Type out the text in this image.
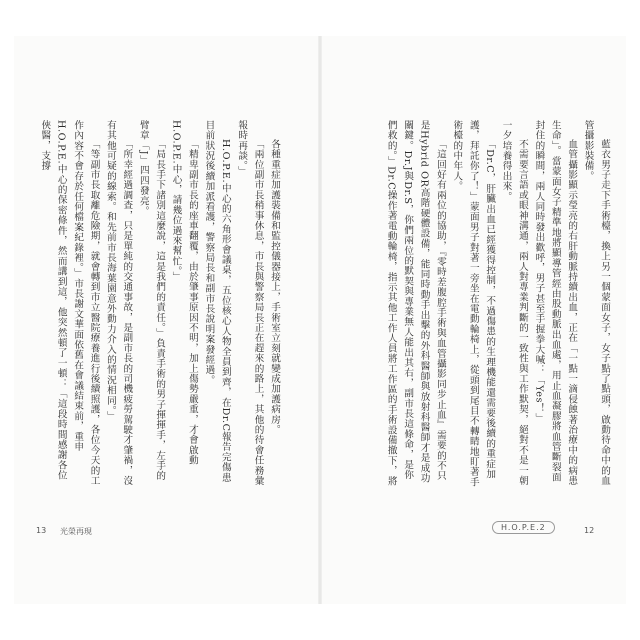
各種重症加護裝備和監控儀器接上，手術室立刻就變成加護病房。

「兩位副市長稍事休息，市長與警察局長正在趕來的路上，其他的待會任務彙報時再談。」

H.O.P.E.中心的六角形會議桌，五位核心人物全員到齊，在Dr.C報告完傷患目前狀況後續加派看護，警察局長和副市長說明案發經過。

「精卑副市長的座車翻覆，由於肇事原因不明，加上傷勢嚴重，才會啟動H.O.P.E.中心，請幾位過來幫忙。」

「局長手下諸別這麼說，這是我們的責任。」負責手術的男子揮揮手，左手的臂章「J」四四發亮。

「所幸經過調查，只是單純的交通事故，是副市長的司機疲勞駕駛才肇禍，沒有其他可疑的線索。和先前市長海葉園意外動力介入的情況相同。」

「等副市長取離危險期，就會轉到市立醫院療養進行後續照護，各位今天的工作內容不會存於任何檔案紀錄裡。」市長謝文華面依舊在會議結束前，重申H.O.P.E.中心的保密條件，然而講到這，他突然頓了一頓：「這段時間感謝各位俠醫，支撐	藍衣男子走下手術檯，換上另一個蒙面女子，女子點了點頭，啟動待命中的血管攝影裝備。

血管攝影顯示瑩亮的右肝動脈持續出血，正在「一點一滴侵蝕著治療中的病患生命」。當蒙面女子精準地將顯導管經由股動脈出血處，用止血凝膠將血管斷裂面封住的瞬間，兩人同時發出歡呼，男子甚至手握拳大喊：「Yes！」

不需要言語或眼神溝通，兩人對專業判斷的一致性與工作默契，絕對不是一朝一夕培養得出來。

「Dr.C，肝臟出血已經獲得控制，不過傷患的生理機能還需要後續的重症加護，拜託你了！」蒙面男子對著一旁坐在電動輪椅上，從頭到尾目不轉睛地盯著手術檯的中年人。

「這回好有兩位的協助，『零時差腹腔手術與血管攝影同步止血』需要的不只是Hybrid OR高階硬體設備，能同時動手出擊的外科醫師與放射科醫師才是成功關鍵。Dr.J與Dr.S，你們兩位的默契與專業無人能出其右，副市長這條命，是你們救的。」Dr.C操作著電動輪椅，指示其他工作人員將工作區的手術設備撤下，將

13 光榮再現	H.O.P.E.2	12
